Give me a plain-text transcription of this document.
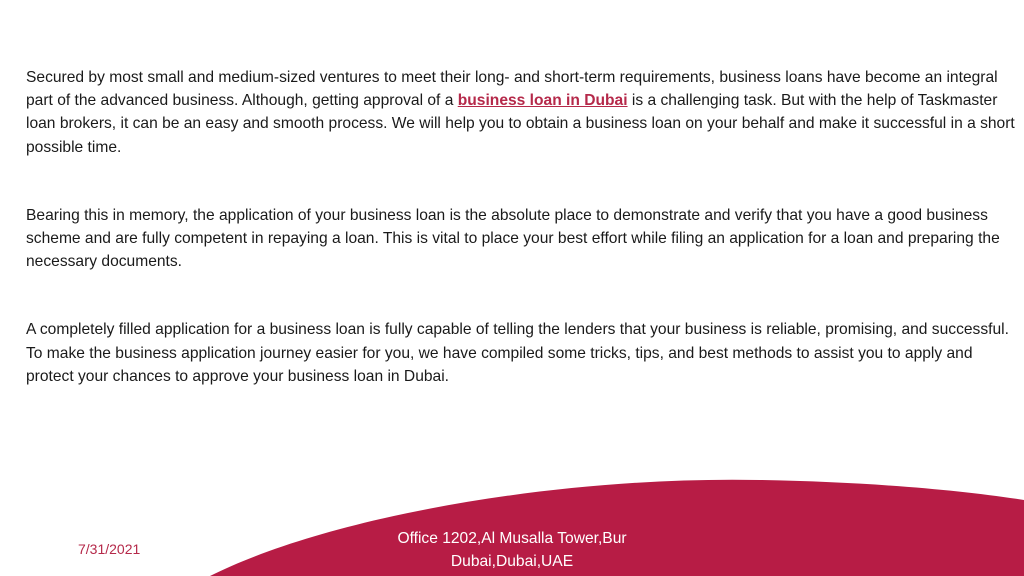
Secured by most small and medium-sized ventures to meet their long- and short-term requirements, business loans have become an integral part of the advanced business. Although, getting approval of a business loan in Dubai is a challenging task. But with the help of Taskmaster loan brokers, it can be an easy and smooth process. We will help you to obtain a business loan on your behalf and make it successful in a short possible time.

Bearing this in memory, the application of your business loan is the absolute place to demonstrate and verify that you have a good business scheme and are fully competent in repaying a loan. This is vital to place your best effort while filing an application for a loan and preparing the necessary documents.

A completely filled application for a business loan is fully capable of telling the lenders that your business is reliable, promising, and successful. To make the business application journey easier for you, we have compiled some tricks, tips, and best methods to assist you to apply and protect your chances to approve your business loan in Dubai.

7/31/2021
Office 1202,Al Musalla Tower,Bur Dubai,Dubai,UAE
